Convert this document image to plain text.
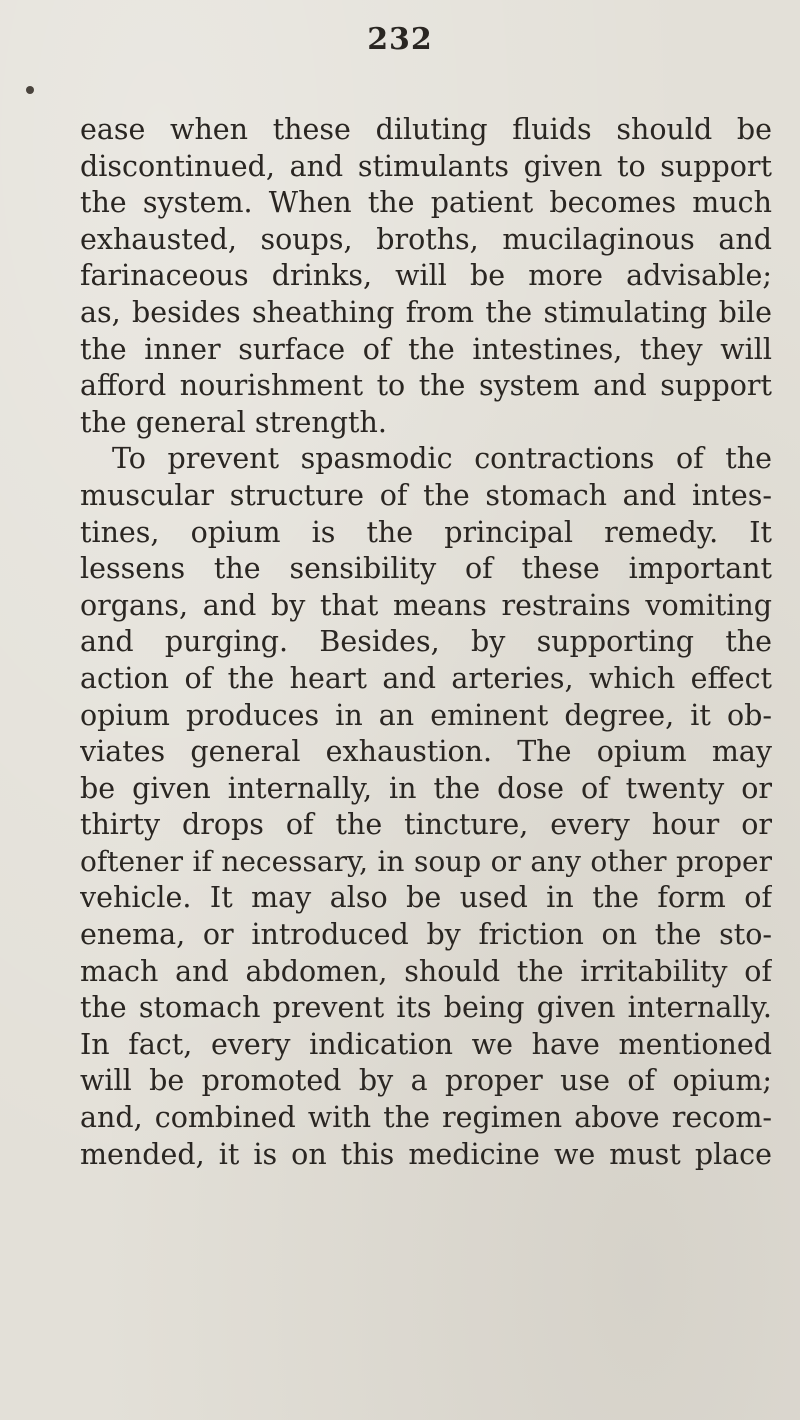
232
ease when these diluting fluids should be
discontinued, and stimulants given to support
the system. When the patient becomes much
exhausted, soups, broths, mucilaginous and
farinaceous drinks, will be more advisable;
as, besides sheathing from the stimulating bile
the inner surface of the intestines, they will
afford nourishment to the system and support
the general strength.
To prevent spasmodic contractions of the
muscular structure of the stomach and intes-
tines, opium is the principal remedy. It
lessens the sensibility of these important
organs, and by that means restrains vomiting
and purging. Besides, by supporting the
action of the heart and arteries, which effect
opium produces in an eminent degree, it ob-
viates general exhaustion. The opium may
be given internally, in the dose of twenty or
thirty drops of the tincture, every hour or
oftener if necessary, in soup or any other proper
vehicle. It may also be used in the form of
enema, or introduced by friction on the sto-
mach and abdomen, should the irritability of
the stomach prevent its being given internally.
In fact, every indication we have mentioned
will be promoted by a proper use of opium;
and, combined with the regimen above recom-
mended, it is on this medicine we must place
